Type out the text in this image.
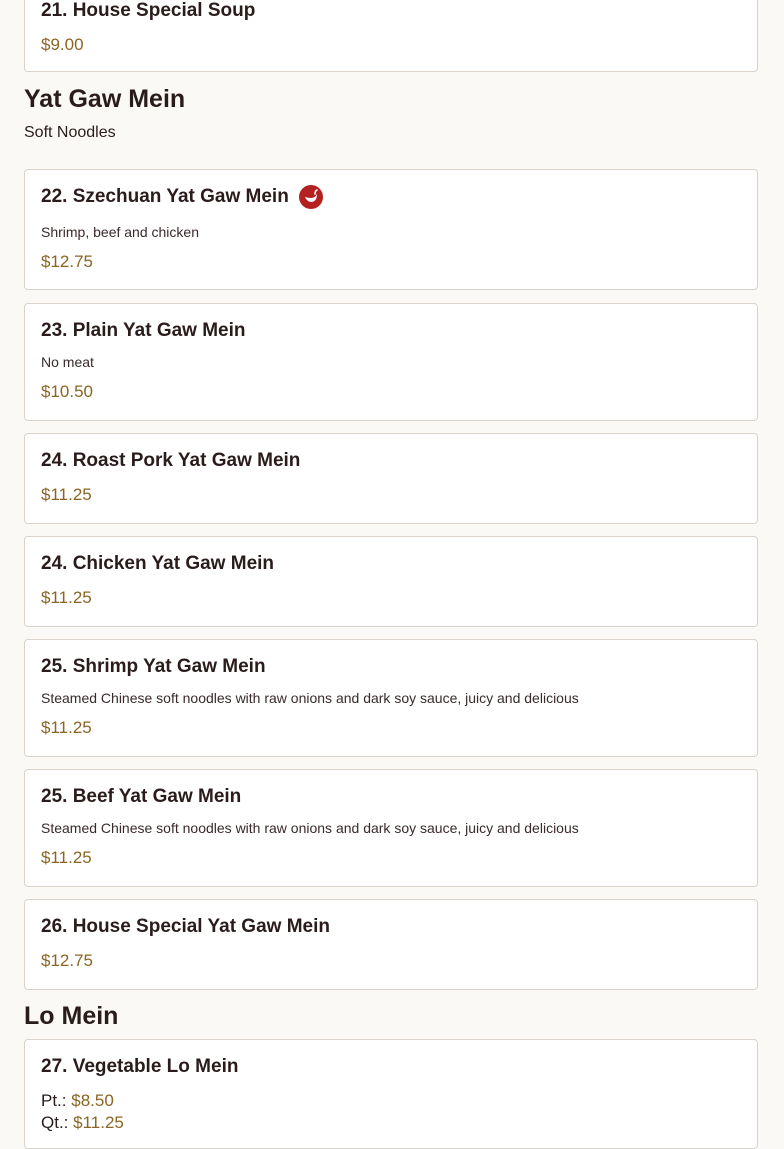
21. House Special Soup
$9.00
Yat Gaw Mein
Soft Noodles
22. Szechuan Yat Gaw Mein
Shrimp, beef and chicken
$12.75
23. Plain Yat Gaw Mein
No meat
$10.50
24. Roast Pork Yat Gaw Mein
$11.25
24. Chicken Yat Gaw Mein
$11.25
25. Shrimp Yat Gaw Mein
Steamed Chinese soft noodles with raw onions and dark soy sauce, juicy and delicious
$11.25
25. Beef Yat Gaw Mein
Steamed Chinese soft noodles with raw onions and dark soy sauce, juicy and delicious
$11.25
26. House Special Yat Gaw Mein
$12.75
Lo Mein
27. Vegetable Lo Mein
Pt.: $8.50
Qt.: $11.25
